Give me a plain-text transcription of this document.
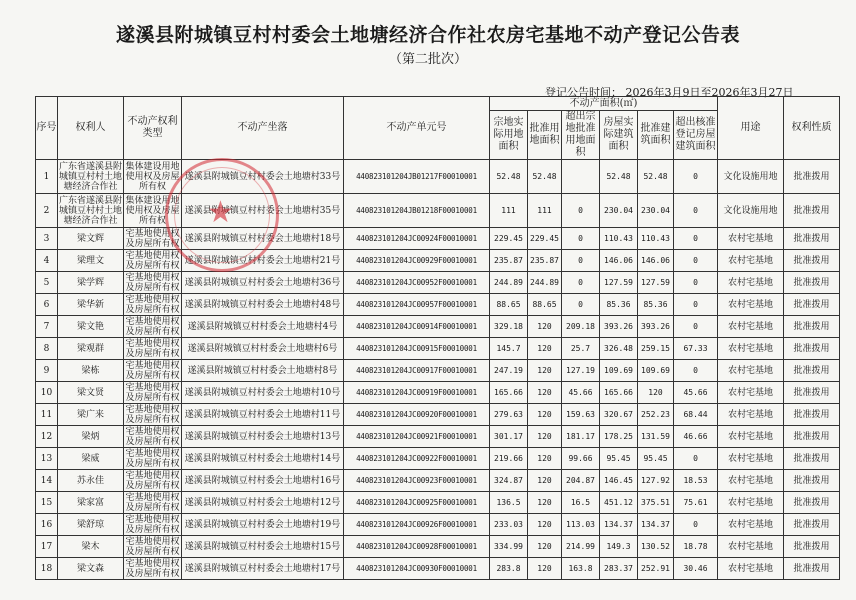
遂溪县附城镇豆村村委会土地塘经济合作社农房宅基地不动产登记公告表
（第二批次）
登记公告时间： 2026年3月9日至2026年3月27日
序号	权利人	不动产权利类型	不动产坐落	不动产单元号	不动产面积(㎡)						用途	权利性质
					宗地实际用地面积	批准用地面积	超出宗地批准用地面积	房屋实际建筑面积	批准建筑面积	超出核准登记房屋建筑面积		
1	广东省遂溪县附城镇豆村村土地塘经济合作社	集体建设用地使用权及房屋所有权	遂溪县附城镇豆村村委会土地塘村33号	440823101204JB01217F00010001	52.48	52.48		52.48	52.48	0	文化设施用地	批准拨用
2	广东省遂溪县附城镇豆村村土地塘经济合作社	集体建设用地使用权及房屋所有权	遂溪县附城镇豆村村委会土地塘村35号	440823101204JB01218F00010001	111	111	0	230.04	230.04	0	文化设施用地	批准拨用
3	梁文辉	宅基地使用权及房屋所有权	遂溪县附城镇豆村村委会土地塘村18号	440823101204JC00924F00010001	229.45	229.45	0	110.43	110.43	0	农村宅基地	批准拨用
4	梁理文	宅基地使用权及房屋所有权	遂溪县附城镇豆村村委会土地塘村21号	440823101204JC00929F00010001	235.87	235.87	0	146.06	146.06	0	农村宅基地	批准拨用
5	梁学辉	宅基地使用权及房屋所有权	遂溪县附城镇豆村村委会土地塘村36号	440823101204JC00952F00010001	244.89	244.89	0	127.59	127.59	0	农村宅基地	批准拨用
6	梁华新	宅基地使用权及房屋所有权	遂溪县附城镇豆村村委会土地塘村48号	440823101204JC00957F00010001	88.65	88.65	0	85.36	85.36	0	农村宅基地	批准拨用
7	梁文艳	宅基地使用权及房屋所有权	遂溪县附城镇豆村村委会土地塘村4号	440823101204JC00914F00010001	329.18	120	209.18	393.26	393.26	0	农村宅基地	批准拨用
8	梁观群	宅基地使用权及房屋所有权	遂溪县附城镇豆村村委会土地塘村6号	440823101204JC00915F00010001	145.7	120	25.7	326.48	259.15	67.33	农村宅基地	批准拨用
9	梁栋	宅基地使用权及房屋所有权	遂溪县附城镇豆村村委会土地塘村8号	440823101204JC00917F00010001	247.19	120	127.19	109.69	109.69	0	农村宅基地	批准拨用
10	梁文贤	宅基地使用权及房屋所有权	遂溪县附城镇豆村村委会土地塘村10号	440823101204JC00919F00010001	165.66	120	45.66	165.66	120	45.66	农村宅基地	批准拨用
11	梁广来	宅基地使用权及房屋所有权	遂溪县附城镇豆村村委会土地塘村11号	440823101204JC00920F00010001	279.63	120	159.63	320.67	252.23	68.44	农村宅基地	批准拨用
12	梁炳	宅基地使用权及房屋所有权	遂溪县附城镇豆村村委会土地塘村13号	440823101204JC00921F00010001	301.17	120	181.17	178.25	131.59	46.66	农村宅基地	批准拨用
13	梁威	宅基地使用权及房屋所有权	遂溪县附城镇豆村村委会土地塘村14号	440823101204JC00922F00010001	219.66	120	99.66	95.45	95.45	0	农村宅基地	批准拨用
14	苏永佳	宅基地使用权及房屋所有权	遂溪县附城镇豆村村委会土地塘村16号	440823101204JC00923F00010001	324.87	120	204.87	146.45	127.92	18.53	农村宅基地	批准拨用
15	梁家富	宅基地使用权及房屋所有权	遂溪县附城镇豆村村委会土地塘村12号	440823101204JC00925F00010001	136.5	120	16.5	451.12	375.51	75.61	农村宅基地	批准拨用
16	梁舒琼	宅基地使用权及房屋所有权	遂溪县附城镇豆村村委会土地塘村19号	440823101204JC00926F00010001	233.03	120	113.03	134.37	134.37	0	农村宅基地	批准拨用
17	梁木	宅基地使用权及房屋所有权	遂溪县附城镇豆村村委会土地塘村15号	440823101204JC00928F00010001	334.99	120	214.99	149.3	130.52	18.78	农村宅基地	批准拨用
18	梁文森	宅基地使用权及房屋所有权	遂溪县附城镇豆村村委会土地塘村17号	440823101204JC00930F00010001	283.8	120	163.8	283.37	252.91	30.46	农村宅基地	批准拨用
★
